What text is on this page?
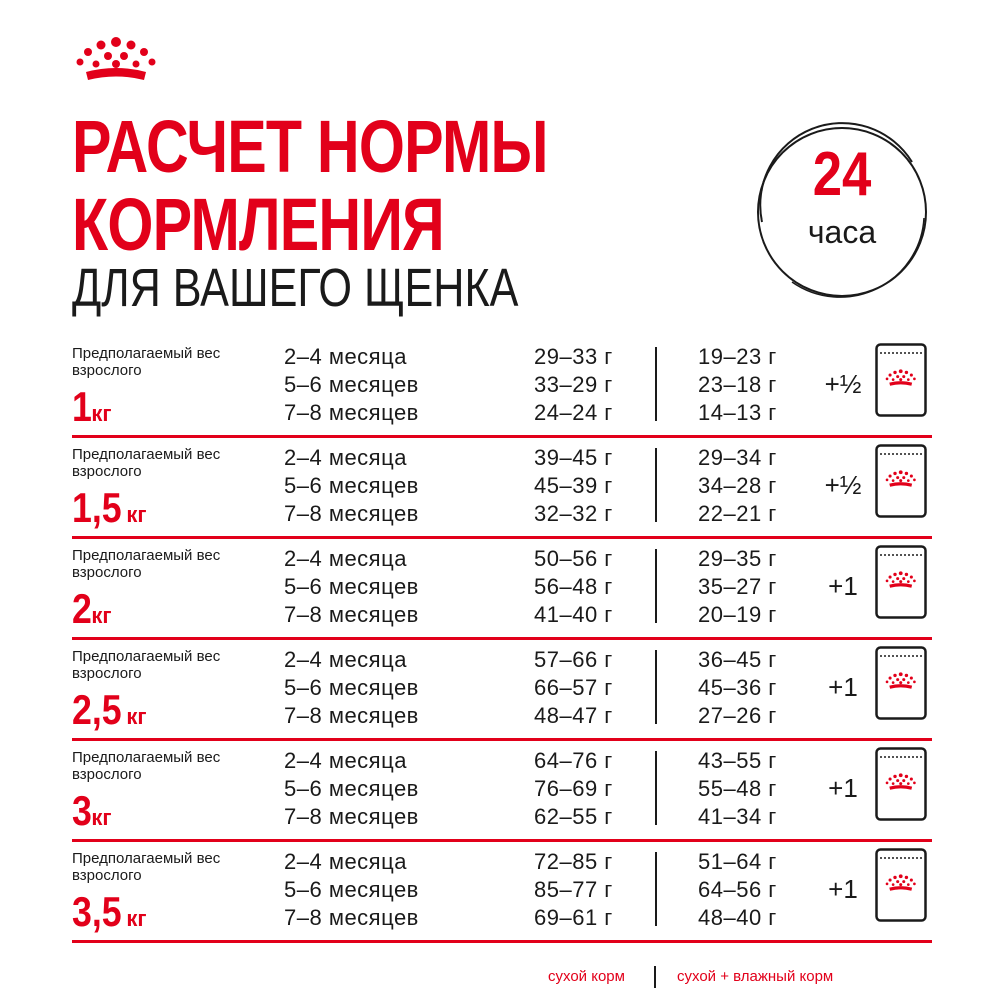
РАСЧЕТ НОРМЫ
КОРМЛЕНИЯ
ДЛЯ ВАШЕГО ЩЕНКА
24
часа
Предполагаемый вес взрослого
1кг
2–4 месяца
5–6 месяцев
7–8 месяцев
29–33 г
33–29 г
24–24 г
19–23 г
23–18 г
14–13 г
+½
Предполагаемый вес взрослого
1,5 кг
2–4 месяца
5–6 месяцев
7–8 месяцев
39–45 г
45–39 г
32–32 г
29–34 г
34–28 г
22–21 г
+½
Предполагаемый вес взрослого
2кг
2–4 месяца
5–6 месяцев
7–8 месяцев
50–56 г
56–48 г
41–40 г
29–35 г
35–27 г
20–19 г
+1
Предполагаемый вес взрослого
2,5 кг
2–4 месяца
5–6 месяцев
7–8 месяцев
57–66 г
66–57 г
48–47 г
36–45 г
45–36 г
27–26 г
+1
Предполагаемый вес взрослого
3кг
2–4 месяца
5–6 месяцев
7–8 месяцев
64–76 г
76–69 г
62–55 г
43–55 г
55–48 г
41–34 г
+1
Предполагаемый вес взрослого
3,5 кг
2–4 месяца
5–6 месяцев
7–8 месяцев
72–85 г
85–77 г
69–61 г
51–64 г
64–56 г
48–40 г
+1
сухой корм	сухой + влажный корм
